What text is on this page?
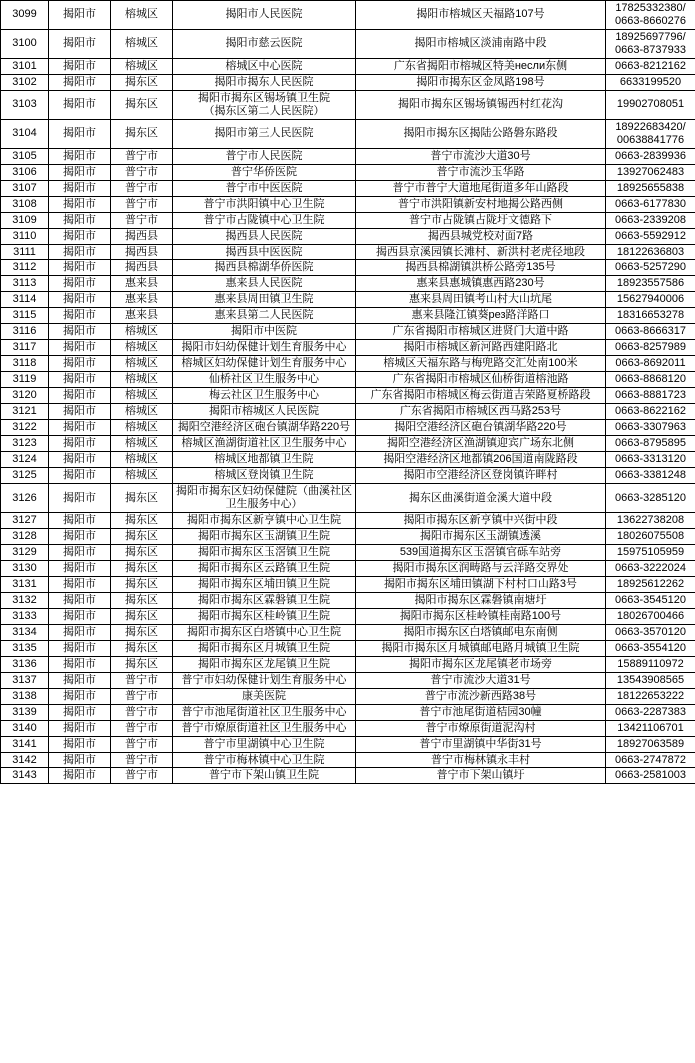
3099	揭阳市	榕城区	揭阳市人民医院	揭阳市榕城区天福路107号	17825332380/
0663-8660276
3100	揭阳市	榕城区	揭阳市慈云医院	揭阳市榕城区淡浦南路中段	18925697796/
0663-8737933
3101	揭阳市	榕城区	榕城区中心医院	广东省揭阳市榕城区特美несли东侧	0663-8212162
3102	揭阳市	揭东区	揭阳市揭东人民医院	揭阳市揭东区金凤路198号	6633199520
3103	揭阳市	揭东区	揭阳市揭东区锡场镇卫生院
（揭东区第二人民医院）	揭阳市揭东区锡场镇锡西村红花沟	19902708051
3104	揭阳市	揭东区	揭阳市第三人民医院	揭阳市揭东区揭陆公路磐东路段	18922683420/
00638841776
3105	揭阳市	普宁市	普宁市人民医院	普宁市流沙大道30号	0663-2839936
3106	揭阳市	普宁市	普宁华侨医院	普宁市流沙玉华路	13927062483
3107	揭阳市	普宁市	普宁市中医医院	普宁市普宁大道地尾街道多年山路段	18925655838
3108	揭阳市	普宁市	普宁市洪阳镇中心卫生院	普宁市洪阳镇新安村地揭公路西侧	0663-6177830
3109	揭阳市	普宁市	普宁市占陇镇中心卫生院	普宁市占陇镇占陇圩文德路下	0663-2339208
3110	揭阳市	揭西县	揭西县人民医院	揭西县城党校对面7路	0663-5592912
3111	揭阳市	揭西县	揭西县中医医院	揭西县京溪园镇长滩村、新洪村老虎径地段	18122636803
3112	揭阳市	揭西县	揭西县棉湖华侨医院	揭西县棉湖镇洪桥公路旁135号	0663-5257290
3113	揭阳市	惠来县	惠来县人民医院	惠来县惠城镇惠西路230号	18923557586
3114	揭阳市	惠来县	惠来县周田镇卫生院	惠来县周田镇考山村大山坑尾	15627940006
3115	揭阳市	惠来县	惠来县第二人民医院	惠来县隆江镇葵рез路洋路口	18316653278
3116	揭阳市	榕城区	揭阳市中医院	广东省揭阳市榕城区进贤门大道中路	0663-8666317
3117	揭阳市	榕城区	揭阳市妇幼保健计划生育服务中心	揭阳市榕城区新河路西建阳路北	0663-8257989
3118	揭阳市	榕城区	榕城区妇幼保健计划生育服务中心	榕城区天福东路与梅兜路交汇处南100米	0663-8692011
3119	揭阳市	榕城区	仙桥社区卫生服务中心	广东省揭阳市榕城区仙桥街道榕池路	0663-8868120
3120	揭阳市	榕城区	梅云社区卫生服务中心	广东省揭阳市榕城区梅云街道吉荣路夏桥路段	0663-8881723
3121	揭阳市	榕城区	揭阳市榕城区人民医院	广东省揭阳市榕城区西马路253号	0663-8622162
3122	揭阳市	榕城区	揭阳空港经济区砲台镇湖华路220号	揭阳空港经济区砲台镇湖华路220号	0663-3307963
3123	揭阳市	榕城区	榕城区渔湖街道社区卫生服务中心	揭阳空港经济区渔湖镇迎宾广场东北侧	0663-8795895
3124	揭阳市	榕城区	榕城区地都镇卫生院	揭阳空港经济区地都镇206国道南陇路段	0663-3313120
3125	揭阳市	榕城区	榕城区登岗镇卫生院	揭阳市空港经济区登岗镇许畔村	0663-3381248
3126	揭阳市	揭东区	揭阳市揭东区妇幼保健院（曲溪社区卫生服务中心）	揭东区曲溪街道金溪大道中段	0663-3285120
3127	揭阳市	揭东区	揭阳市揭东区新亨镇中心卫生院	揭阳市揭东区新亨镇中兴街中段	13622738208
3128	揭阳市	揭东区	揭阳市揭东区玉湖镇卫生院	揭阳市揭东区玉湖镇透溪	18026075508
3129	揭阳市	揭东区	揭阳市揭东区玉滘镇卫生院	539国道揭东区玉滘镇官砾车站旁	15975105959
3130	揭阳市	揭东区	揭阳市揭东区云路镇卫生院	揭阳市揭东区润畴路与云洋路交界处	0663-3222024
3131	揭阳市	揭东区	揭阳市揭东区埔田镇卫生院	揭阳市揭东区埔田镇湖下村村口山路3号	18925612262
3132	揭阳市	揭东区	揭阳市揭东区霖磐镇卫生院	揭阳市揭东区霖磐镇南塘圩	0663-3545120
3133	揭阳市	揭东区	揭阳市揭东区桂岭镇卫生院	揭阳市揭东区桂岭镇桂南路100号	18026700466
3134	揭阳市	揭东区	揭阳市揭东区白塔镇中心卫生院	揭阳市揭东区白塔镇邮电东南侧	0663-3570120
3135	揭阳市	揭东区	揭阳市揭东区月城镇卫生院	揭阳市揭东区月城镇邮电路月城镇卫生院	0663-3554120
3136	揭阳市	揭东区	揭阳市揭东区龙尾镇卫生院	揭阳市揭东区龙尾镇老市场旁	15889110972
3137	揭阳市	普宁市	普宁市妇幼保健计划生育服务中心	普宁市流沙大道31号	13543908565
3138	揭阳市	普宁市	康美医院	普宁市流沙新西路38号	18122653222
3139	揭阳市	普宁市	普宁市池尾街道社区卫生服务中心	普宁市池尾街道桔园30幢	0663-2287383
3140	揭阳市	普宁市	普宁市燎原街道社区卫生服务中心	普宁市燎原街道泥沟村	13421106701
3141	揭阳市	普宁市	普宁市里湖镇中心卫生院	普宁市里湖镇中华街31号	18927063589
3142	揭阳市	普宁市	普宁市梅林镇中心卫生院	普宁市梅林镇永丰村	0663-2747872
3143	揭阳市	普宁市	普宁市下架山镇卫生院	普宁市下架山镇圩	0663-2581003
